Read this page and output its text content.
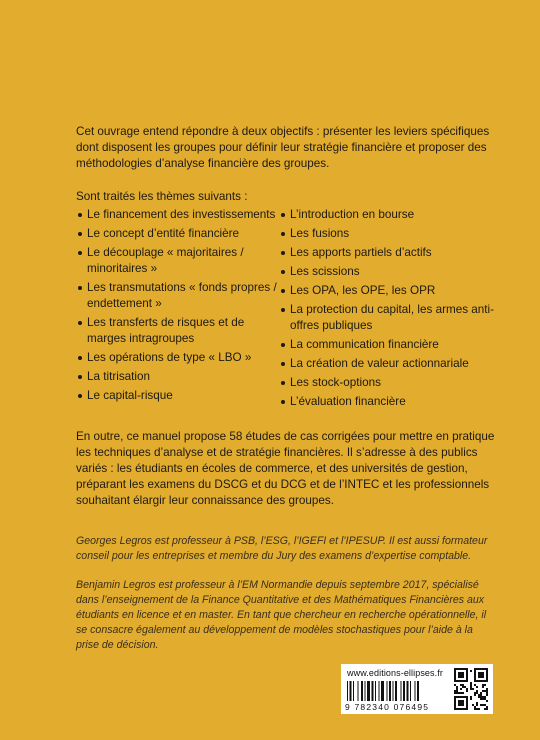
Cet ouvrage entend répondre à deux objectifs : présenter les leviers spécifiques dont disposent les groupes pour définir leur stratégie financière et proposer des méthodologies d’analyse financière des groupes.

Sont traités les thèmes suivants :

Le financement des investissements
Le concept d’entité financière
Le découplage « majoritaires / minoritaires »
Les transmutations « fonds propres / endettement »
Les transferts de risques et de marges intragroupes
Les opérations de type « LBO »
La titrisation
Le capital-risque
L’introduction en bourse
Les fusions
Les apports partiels d’actifs
Les scissions
Les OPA, les OPE, les OPR
La protection du capital, les armes anti-offres publiques
La communication financière
La création de valeur actionnariale
Les stock-options
L’évaluation financière

En outre, ce manuel propose 58 études de cas corrigées pour mettre en pratique les techniques d’analyse et de stratégie financières. Il s’adresse à des publics variés : les étudiants en écoles de commerce, et des universités de gestion, préparant les examens du DSCG et du DCG et de l’INTEC et les professionnels souhaitant élargir leur connaissance des groupes.

Georges Legros est professeur à PSB, l’ESG, l’IGEFI et l’IPESUP. Il est aussi formateur conseil pour les entreprises et membre du Jury des examens d’expertise comptable.

Benjamin Legros est professeur à l’EM Normandie depuis septembre 2017, spécialisé dans l’enseignement de la Finance Quantitative et des Mathématiques Financières aux étudiants en licence et en master. En tant que chercheur en recherche opérationnelle, il se consacre également au développement de modèles stochastiques pour l’aide à la prise de décision.

www.editions-ellipses.fr
9 782340 076495
